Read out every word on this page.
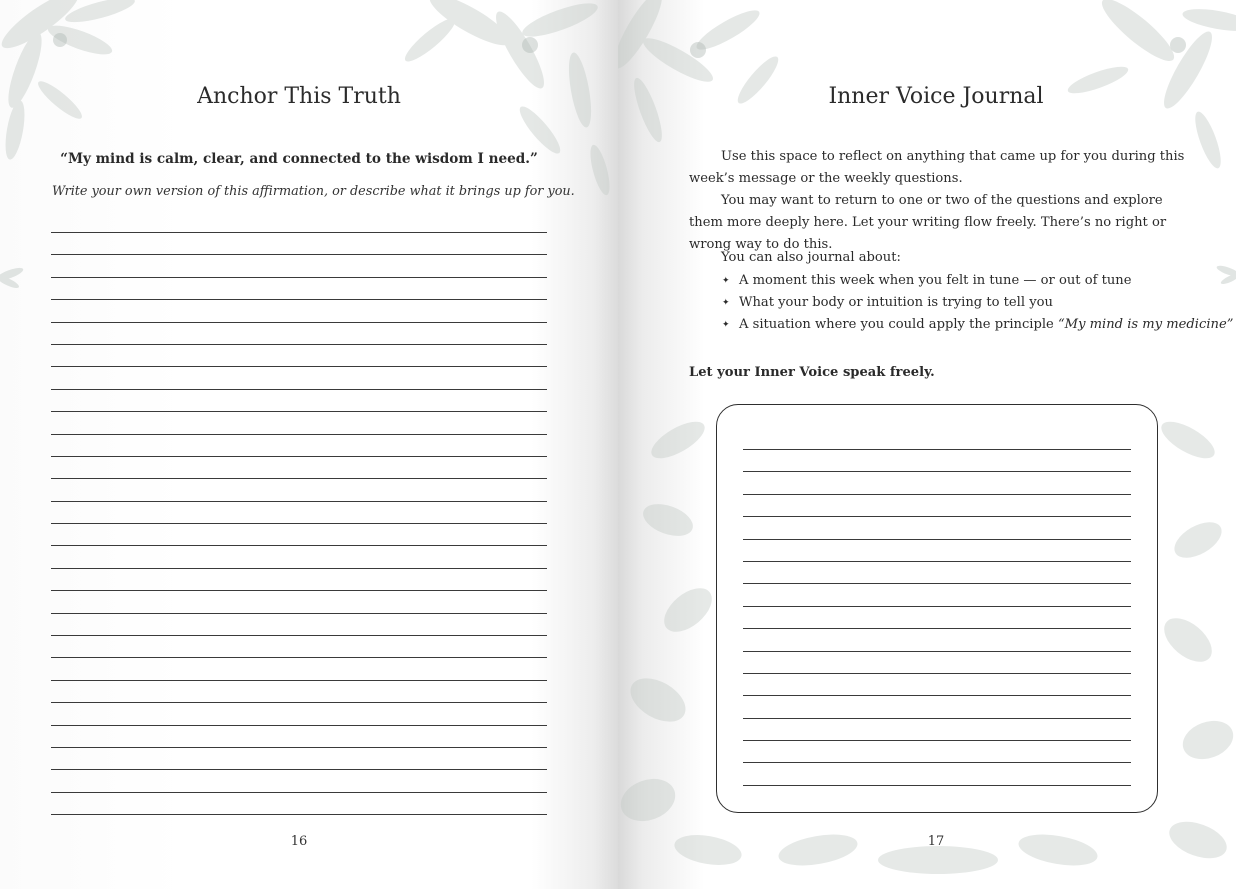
Anchor This Truth

“My mind is calm, clear, and connected to the wisdom I need.”

Write your own version of this affirmation, or describe what it brings up for you.

16

Inner Voice Journal

Use this space to reflect on anything that came up for you during this week’s message or the weekly questions.

You may want to return to one or two of the questions and explore them more deeply here. Let your writing flow freely. There’s no right or wrong way to do this.

You can also journal about:

✦ A moment this week when you felt in tune — or out of tune
✦ What your body or intuition is trying to tell you
✦ A situation where you could apply the principle “My mind is my medicine”

Let your Inner Voice speak freely.

17
